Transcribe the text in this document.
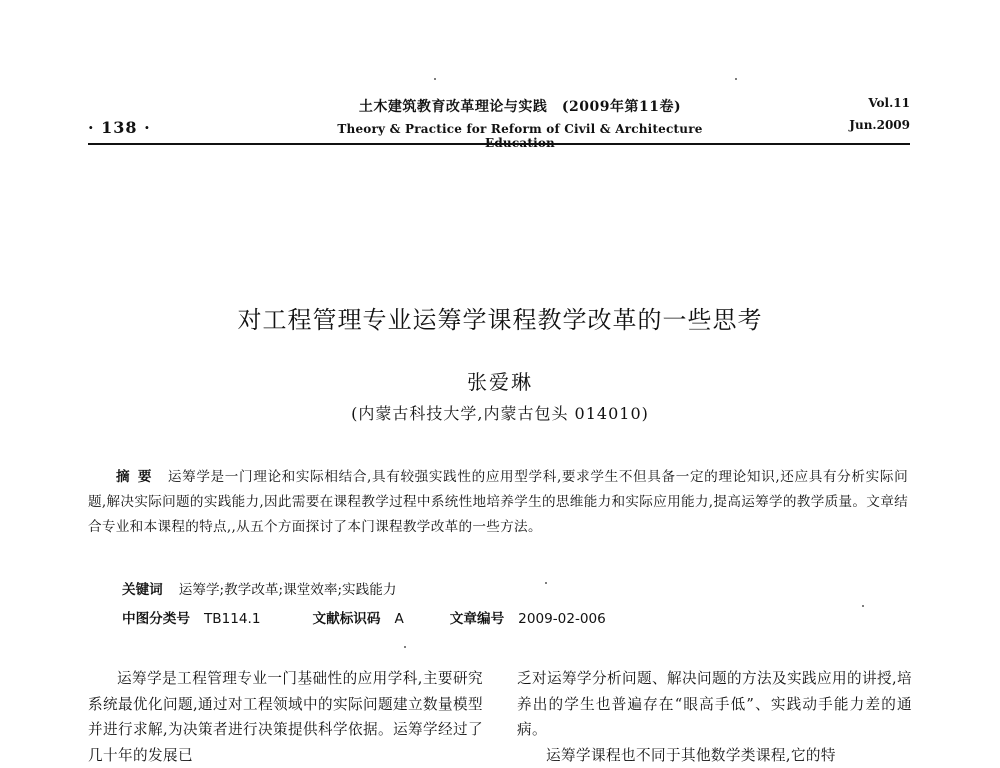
· 138 ·
土木建筑教育改革理论与实践　(2009年第11卷)
Theory & Practice for Reform of Civil & Architecture Education
Vol.11
Jun.2009
对工程管理专业运筹学课程教学改革的一些思考
张爱琳
(内蒙古科技大学,内蒙古包头 014010)
摘要 运筹学是一门理论和实际相结合,具有较强实践性的应用型学科,要求学生不但具备一定的理论知识,还应具有分析实际问题,解决实际问题的实践能力,因此需要在课程教学过程中系统性地培养学生的思维能力和实际应用能力,提高运筹学的教学质量。文章结合专业和本课程的特点,,从五个方面探讨了本门课程教学改革的一些方法。
关键词 运筹学;教学改革;课堂效率;实践能力
中图分类号 TB114.1	文献标识码 A	文章编号 2009-02-006
运筹学是工程管理专业一门基础性的应用学科,主要研究系统最优化问题,通过对工程领域中的实际问题建立数量模型并进行求解,为决策者进行决策提供科学依据。运筹学经过了几十年的发展已
乏对运筹学分析问题、解决问题的方法及实践应用的讲授,培养出的学生也普遍存在“眼高手低”、实践动手能力差的通病。
运筹学课程也不同于其他数学类课程,它的特
